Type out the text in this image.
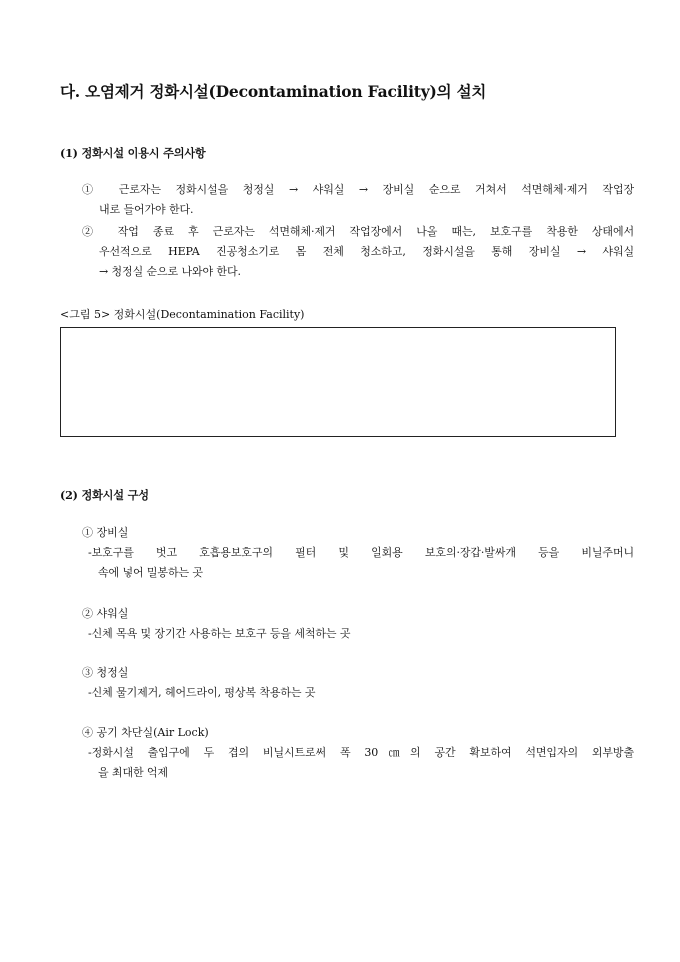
다. 오염제거 정화시설(Decontamination Facility)의 설치
(1) 정화시설 이용시 주의사항
① 근로자는 정화시설을 청정실 → 샤워실 → 장비실 순으로 거쳐서 석면해체·제거 작업장
내로 들어가야 한다.
② 작업 종료 후 근로자는 석면해체·제거 작업장에서 나올 때는, 보호구를 착용한 상태에서
우선적으로 HEPA 진공청소기로 몸 전체 청소하고, 정화시설을 통해 장비실 → 샤워실
→ 청정실 순으로 나와야 한다.
<그림 5> 정화시설(Decontamination Facility)
(2) 정화시설 구성
① 장비실
-보호구를 벗고 호흡용보호구의 필터 및 일회용 보호의·장갑·발싸개 등을 비닐주머니
속에 넣어 밀봉하는 곳
② 샤워실
-신체 목욕 및 장기간 사용하는 보호구 등을 세척하는 곳
③ 청정실
-신체 물기제거, 헤어드라이, 평상복 착용하는 곳
④ 공기 차단실(Air Lock)
-정화시설 출입구에 두 겹의 비닐시트로써 폭 30㎝의 공간 확보하여 석면입자의 외부방출
을 최대한 억제
